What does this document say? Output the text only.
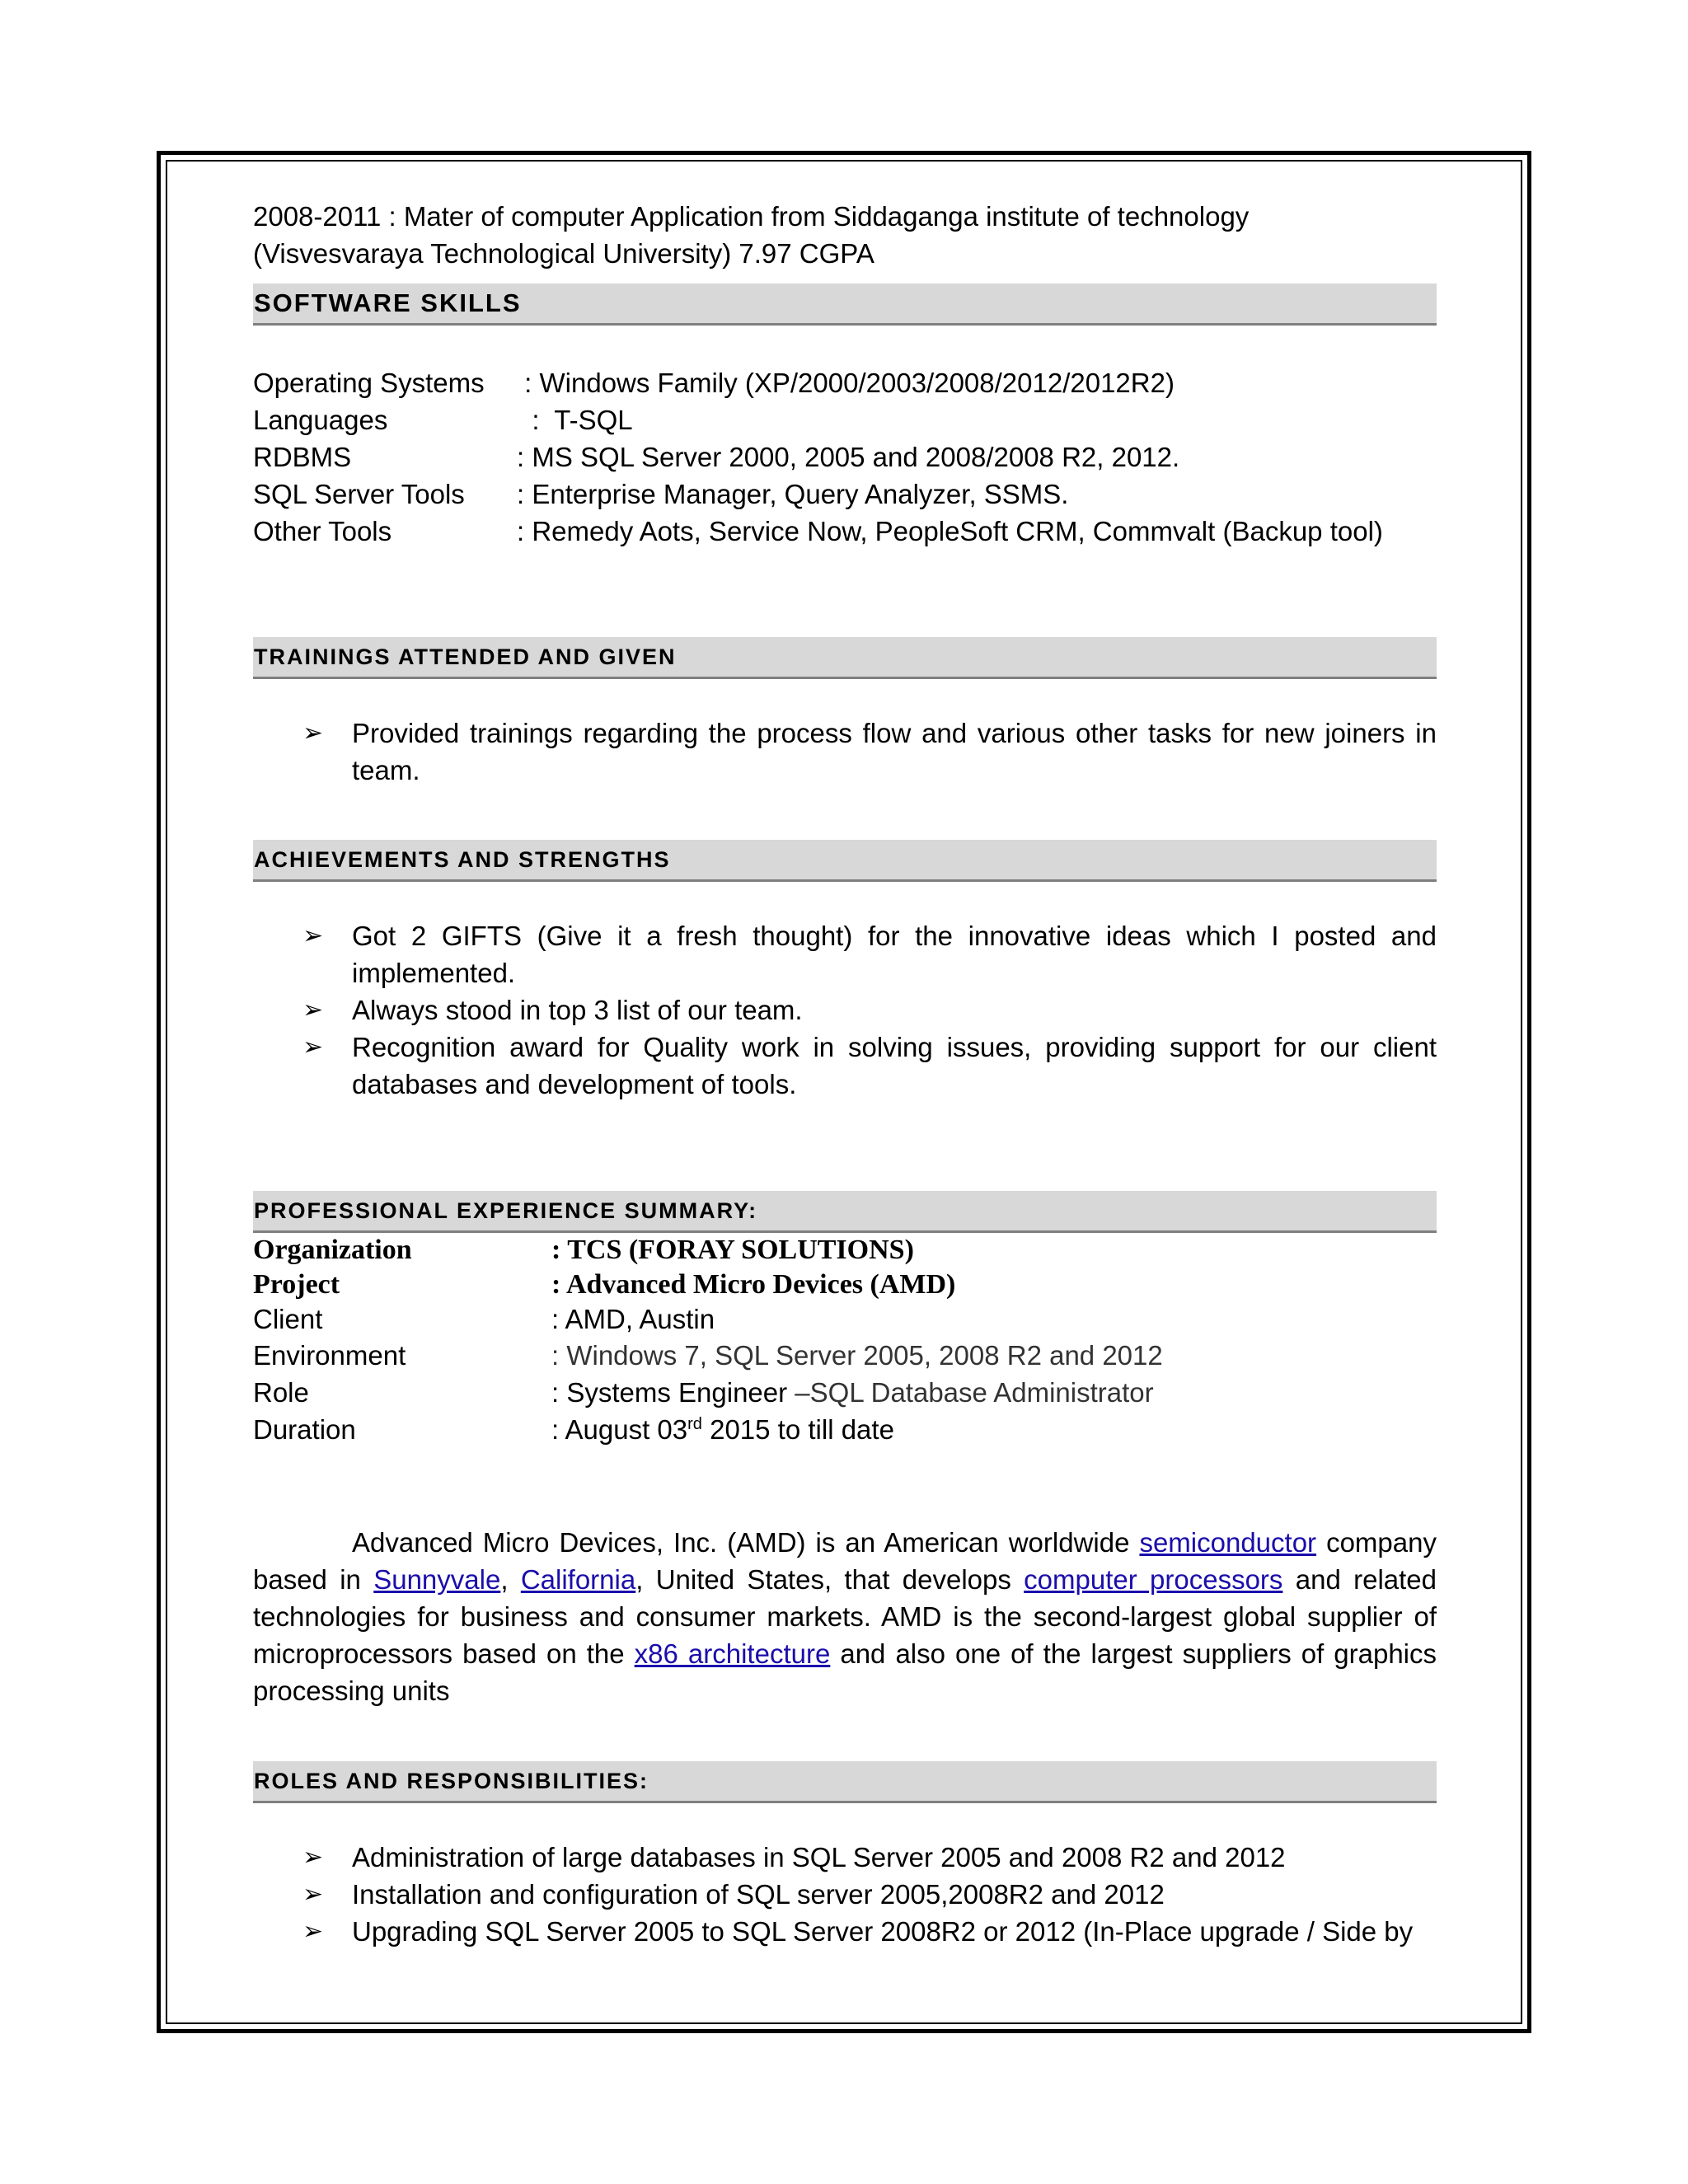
2008-2011 : Mater of computer Application from Siddaganga institute of technology

(Visvesvaraya Technological University) 7.97 CGPA

SOFTWARE SKILLS
Operating Systems	: Windows Family (XP/2000/2003/2008/2012/2012R2)
Languages	:  T-SQL
RDBMS	: MS SQL Server 2000, 2005 and 2008/2008 R2, 2012.
SQL Server Tools	: Enterprise Manager, Query Analyzer, SSMS.
Other Tools	: Remedy Aots, Service Now, PeopleSoft CRM, Commvalt (Backup tool)
TRAININGS ATTENDED AND GIVEN
➢ Provided trainings regarding the process flow and various other tasks for new joiners in team.
ACHIEVEMENTS AND STRENGTHS
➢ Got 2 GIFTS (Give it a fresh thought) for the innovative ideas which I posted and implemented.
➢ Always stood in top 3 list of our team.
➢ Recognition award for Quality work in solving issues, providing support for our client databases and development of tools.
PROFESSIONAL EXPERIENCE SUMMARY:
Organization	: TCS (FORAY SOLUTIONS)
Project	: Advanced Micro Devices (AMD)
Client	: AMD, Austin
Environment	: Windows 7, SQL Server 2005, 2008 R2 and 2012
Role	: Systems Engineer –SQL Database Administrator
Duration	: August 03rd 2015 to till date

Advanced Micro Devices, Inc. (AMD) is an American worldwide semiconductor company based in Sunnyvale, California, United States, that develops computer processors and related technologies for business and consumer markets. AMD is the second-largest global supplier of microprocessors based on the x86 architecture and also one of the largest suppliers of graphics processing units

ROLES AND RESPONSIBILITIES:
➢ Administration of large databases in SQL Server 2005 and 2008 R2 and 2012
➢ Installation and configuration of SQL server 2005,2008R2 and 2012
➢ Upgrading SQL Server 2005 to SQL Server 2008R2 or 2012 (In-Place upgrade / Side by
